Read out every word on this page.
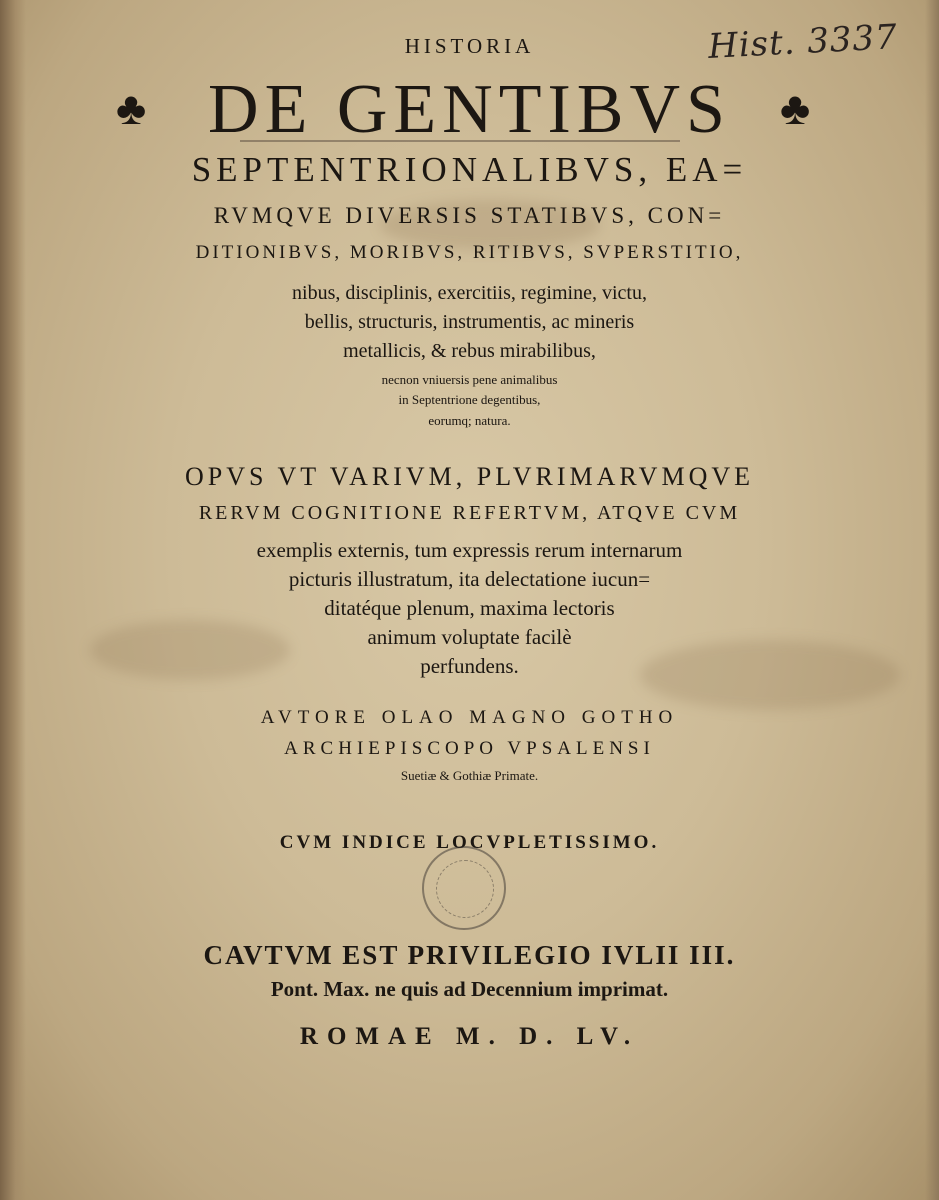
Hist. 3337
HISTORIA
♣	♣
DE GENTIBVS
SEPTENTRIONALIBVS, EA=
RVMQVE DIVERSIS STATIBVS, CON=
DITIONIBVS, MORIBVS, RITIBVS, SVPERSTITIO,
nibus, disciplinis, exercitiis, regimine, victu,
bellis, structuris, instrumentis, ac mineris
metallicis, & rebus mirabilibus,
necnon vniuersis pene animalibus
in Septentrione degentibus,
eorumq; natura.
OPVS VT VARIVM, PLVRIMARVMQVE
RERVM COGNITIONE REFERTVM, ATQVE CVM
exemplis externis, tum expressis rerum internarum
picturis illustratum, ita delectatione iucun=
ditatéque plenum, maxima lectoris
animum voluptate facilè
perfundens.
AVTORE OLAO MAGNO GOTHO
ARCHIEPISCOPO VPSALENSI
Suetiæ & Gothiæ Primate.
CVM INDICE LOCVPLETISSIMO.
CAVTVM EST PRIVILEGIO IVLII III.
Pont. Max. ne quis ad Decennium imprimat.
ROMAE M. D. LV.
